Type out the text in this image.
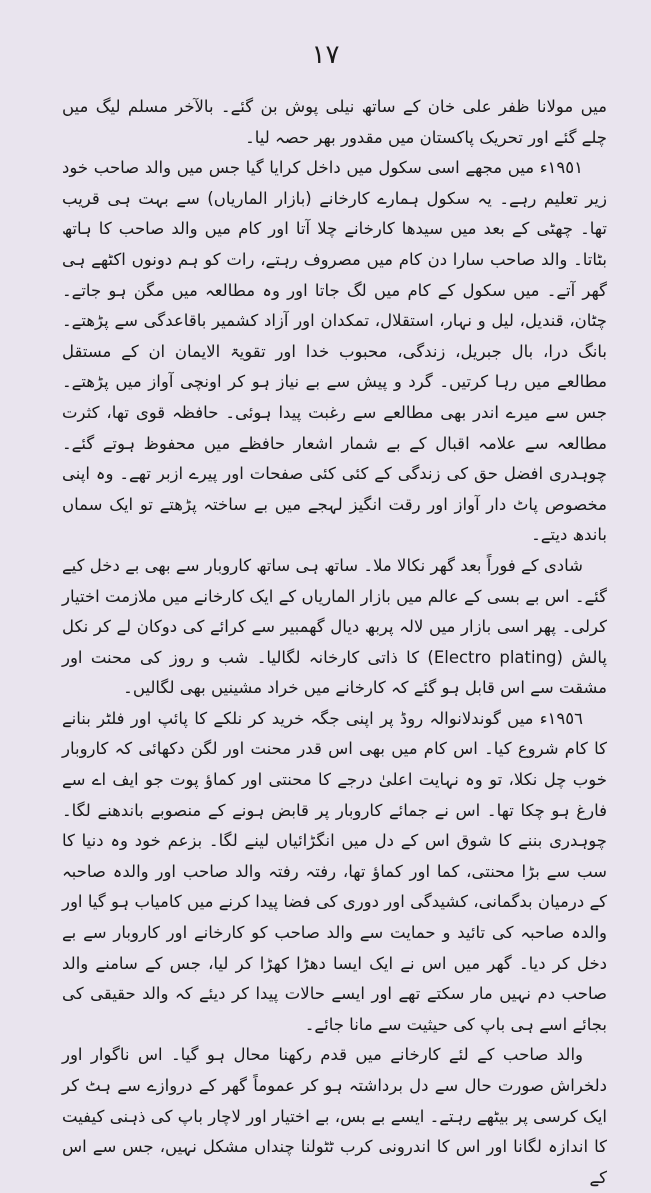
١٧

میں مولانا ظفر علی خان کے ساتھ نیلی پوش بن گئے۔ بالآخر مسلم لیگ میں چلے گئے اور تحریک پاکستان میں مقدور بھر حصہ لیا۔

١٩٥١ء میں مجھے اسی سکول میں داخل کرایا گیا جس میں والد صاحب خود زیر تعلیم رہے۔ یہ سکول ہمارے کارخانے (بازار المارياں) سے بہت ہی قریب تھا۔ چھٹی کے بعد میں سیدھا کارخانے چلا آتا اور کام میں والد صاحب کا ہاتھ بٹاتا۔ والد صاحب سارا دن کام میں مصروف رہتے، رات کو ہم دونوں اکٹھے ہی گھر آتے۔ میں سکول کے کام میں لگ جاتا اور وہ مطالعہ میں مگن ہو جاتے۔ چٹان، قندیل، لیل و نہار، استقلال، تمکدان اور آزاد کشمیر باقاعدگی سے پڑھتے۔ بانگ درا، بال جبریل، زندگی، محبوب خدا اور تقویۃ الایمان ان کے مستقل مطالعے میں رہا کرتیں۔ گرد و پیش سے بے نیاز ہو کر اونچی آواز میں پڑھتے۔ جس سے میرے اندر بھی مطالعے سے رغبت پیدا ہوئی۔ حافظہ قوی تھا، کثرت مطالعہ سے علامہ اقبال کے بے شمار اشعار حافظے میں محفوظ ہوتے گئے۔ چوہدری افضل حق کی زندگی کے کئی کئی صفحات اور پیرے ازبر تھے۔ وہ اپنی مخصوص پاٹ دار آواز اور رقت انگیز لہجے میں بے ساختہ پڑھتے تو ایک سماں باندھ دیتے۔

شادی کے فوراً بعد گھر نکالا ملا۔ ساتھ ہی ساتھ کاروبار سے بھی بے دخل کیے گئے۔ اس بے بسی کے عالم میں بازار المارياں کے ایک کارخانے میں ملازمت اختیار کرلی۔ پھر اسی بازار میں لالہ پربھ دیال گھمبیر سے کرائے کی دوکان لے کر نکل پالش (Electro plating) کا ذاتی کارخانہ لگالیا۔ شب و روز کی محنت اور مشقت سے اس قابل ہو گئے کہ کارخانے میں خراد مشینیں بھی لگالیں۔

١٩٥٦ء میں گوندلانوالہ روڈ پر اپنی جگہ خرید کر نلکے کا پائپ اور فلٹر بنانے کا کام شروع کیا۔ اس کام میں بھی اس قدر محنت اور لگن دکھائی کہ کاروبار خوب چل نکلا، تو وہ نہایت اعلیٰ درجے کا محنتی اور کماؤ پوت جو ایف اے سے فارغ ہو چکا تھا۔ اس نے جمائے کاروبار پر قابض ہونے کے منصوبے باندھنے لگا۔ چوہدری بننے کا شوق اس کے دل میں انگڑائیاں لینے لگا۔ بزعم خود وہ دنیا کا سب سے بڑا محنتی، کما اور کماؤ تھا، رفتہ رفتہ والد صاحب اور والدہ صاحبہ کے درمیان بدگمانی، کشیدگی اور دوری کی فضا پیدا کرنے میں کامیاب ہو گیا اور والدہ صاحبہ کی تائید و حمایت سے والد صاحب کو کارخانے اور کاروبار سے بے دخل کر دیا۔ گھر میں اس نے ایک ایسا دھڑا کھڑا کر لیا، جس کے سامنے والد صاحب دم نہیں مار سکتے تھے اور ایسے حالات پیدا کر دیئے کہ والد حقیقی کی بجائے اسے ہی باپ کی حیثیت سے مانا جائے۔

والد صاحب کے لئے کارخانے میں قدم رکھنا محال ہو گیا۔ اس ناگوار اور دلخراش صورت حال سے دل برداشتہ ہو کر عموماً گھر کے دروازے سے ہٹ کر ایک کرسی پر بیٹھے رہتے۔ ایسے بے بس، بے اختیار اور لاچار باپ کی ذہنی کیفیت کا اندازہ لگانا اور اس کا اندرونی کرب ٹٹولنا چنداں مشکل نہیں، جس سے اس کے
